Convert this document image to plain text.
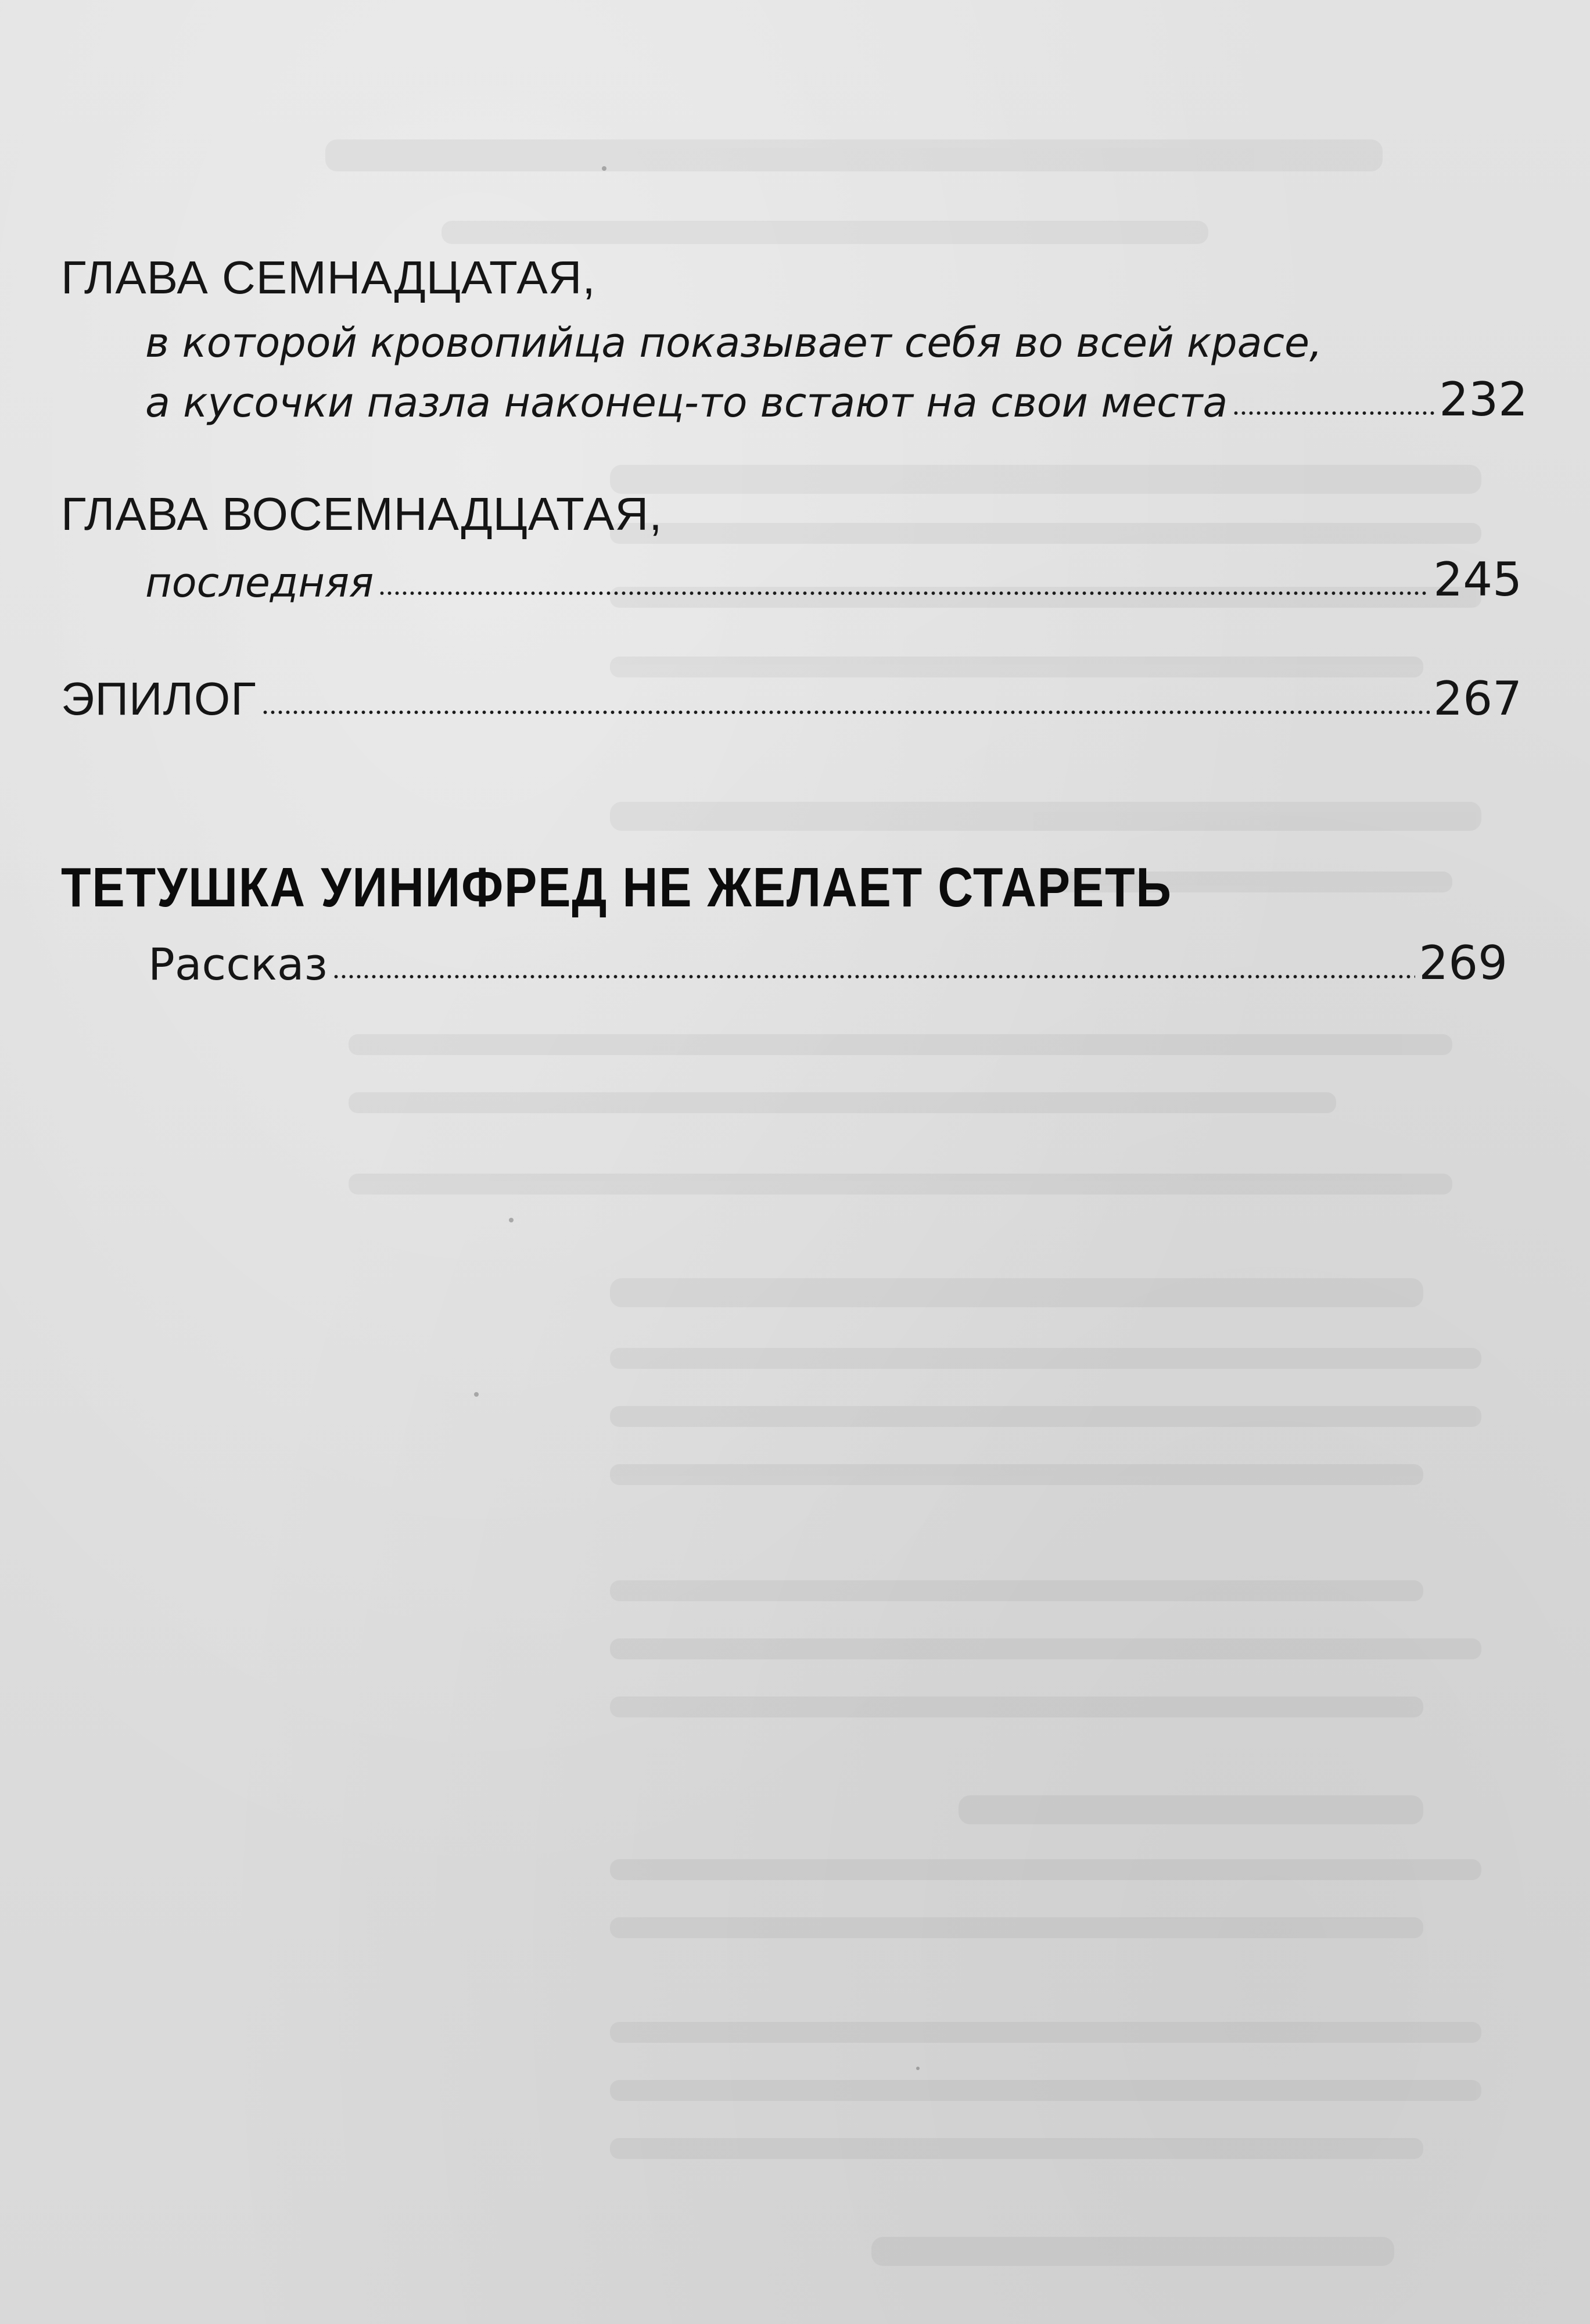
ГЛАВА СЕМНАДЦАТАЯ,
в которой кровопийца показывает себя во всей красе,
а кусочки пазла наконец-то встают на свои места	232
ГЛАВА ВОСЕМНАДЦАТАЯ,
последняя	245
ЭПИЛОГ	267
ТЕТУШКА УИНИФРЕД НЕ ЖЕЛАЕТ СТАРЕТЬ
Рассказ	269
